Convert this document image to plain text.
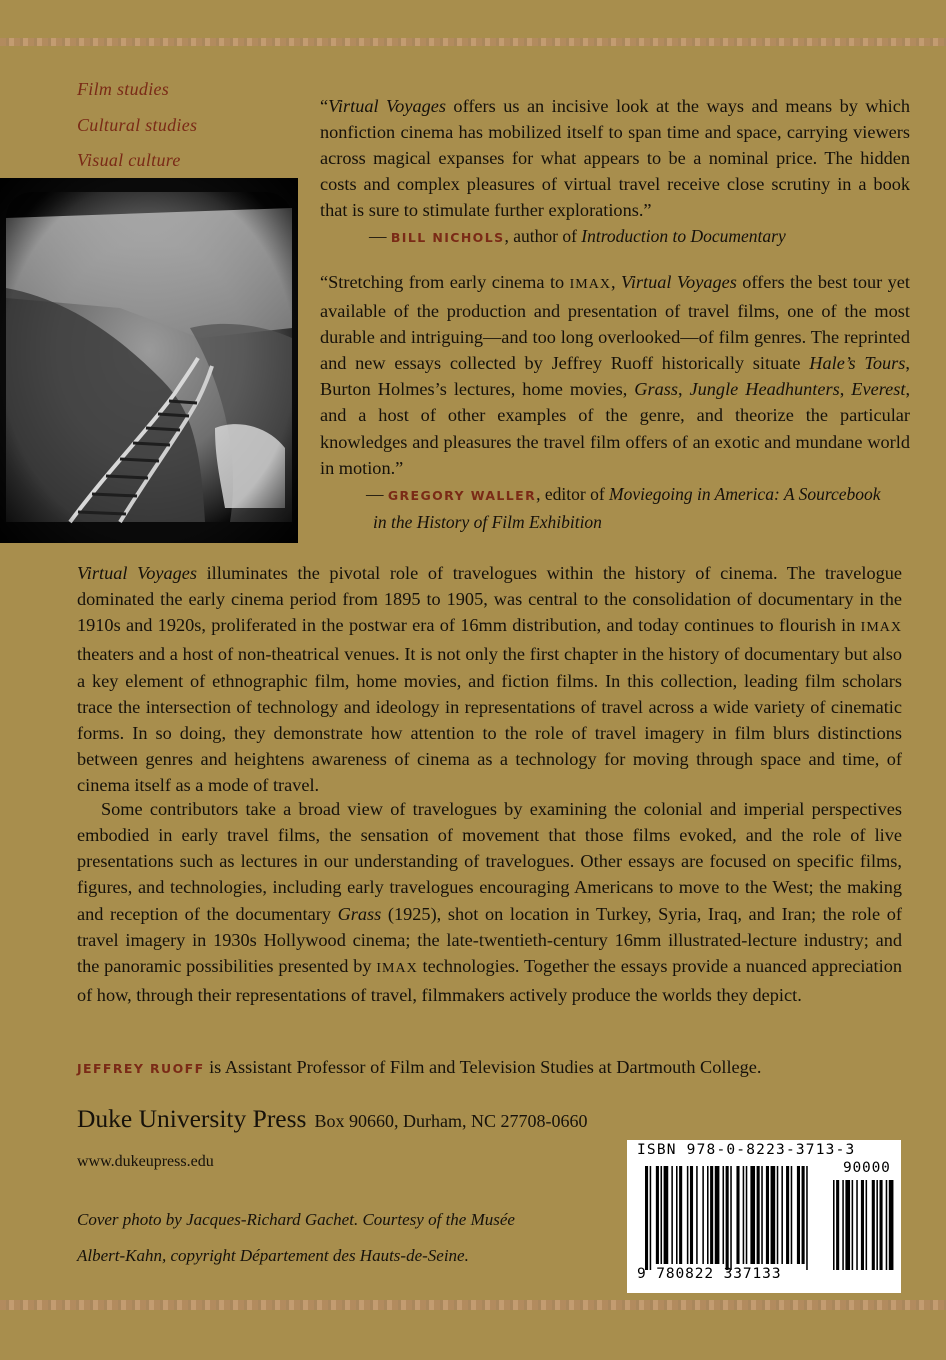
Film studies
Cultural studies
Visual culture

“Virtual Voyages offers us an incisive look at the ways and means by which nonfiction cinema has mobilized itself to span time and space, carrying viewers across magical expanses for what appears to be a nominal price. The hidden costs and complex pleasures of virtual travel receive close scrutiny in a book that is sure to stimulate further explorations.”

— BILL NICHOLS, author of Introduction to Documentary

“Stretching from early cinema to IMAX, Virtual Voyages offers the best tour yet available of the production and presentation of travel films, one of the most durable and intriguing—and too long overlooked—of film genres. The reprinted and new essays collected by Jeffrey Ruoff historically situate Hale’s Tours, Burton Holmes’s lectures, home movies, Grass, Jungle Headhunters, Everest, and a host of other examples of the genre, and theorize the particular knowledges and pleasures the travel film offers of an exotic and mundane world in motion.”

— GREGORY WALLER, editor of Moviegoing in America: A Sourcebook
in the History of Film Exhibition

Virtual Voyages illuminates the pivotal role of travelogues within the history of cinema. The travelogue dominated the early cinema period from 1895 to 1905, was central to the consolidation of documentary in the 1910s and 1920s, proliferated in the postwar era of 16mm distribution, and today continues to flourish in IMAX theaters and a host of non-theatrical venues. It is not only the first chapter in the history of documentary but also a key element of ethnographic film, home movies, and fiction films. In this collection, leading film scholars trace the intersection of technology and ideology in representations of travel across a wide variety of cinematic forms. In so doing, they demonstrate how attention to the role of travel imagery in film blurs distinctions between genres and heightens awareness of cinema as a technology for moving through space and time, of cinema itself as a mode of travel.

Some contributors take a broad view of travelogues by examining the colonial and imperial perspectives embodied in early travel films, the sensation of movement that those films evoked, and the role of live presentations such as lectures in our understanding of travelogues. Other essays are focused on specific films, figures, and technologies, including early travelogues encouraging Americans to move to the West; the making and reception of the documentary Grass (1925), shot on location in Turkey, Syria, Iraq, and Iran; the role of travel imagery in 1930s Hollywood cinema; the late-twentieth-century 16mm illustrated-lecture industry; and the panoramic possibilities presented by IMAX technologies. Together the essays provide a nuanced appreciation of how, through their representations of travel, filmmakers actively produce the worlds they depict.

JEFFREY RUOFF is Assistant Professor of Film and Television Studies at Dartmouth College.
Duke University Press Box 90660, Durham, NC 27708-0660
www.dukeupress.edu
Cover photo by Jacques-Richard Gachet. Courtesy of the Musée
Albert-Kahn, copyright Département des Hauts-de-Seine.
ISBN 978-0-8223-3713-3
90000
9 780822 337133
